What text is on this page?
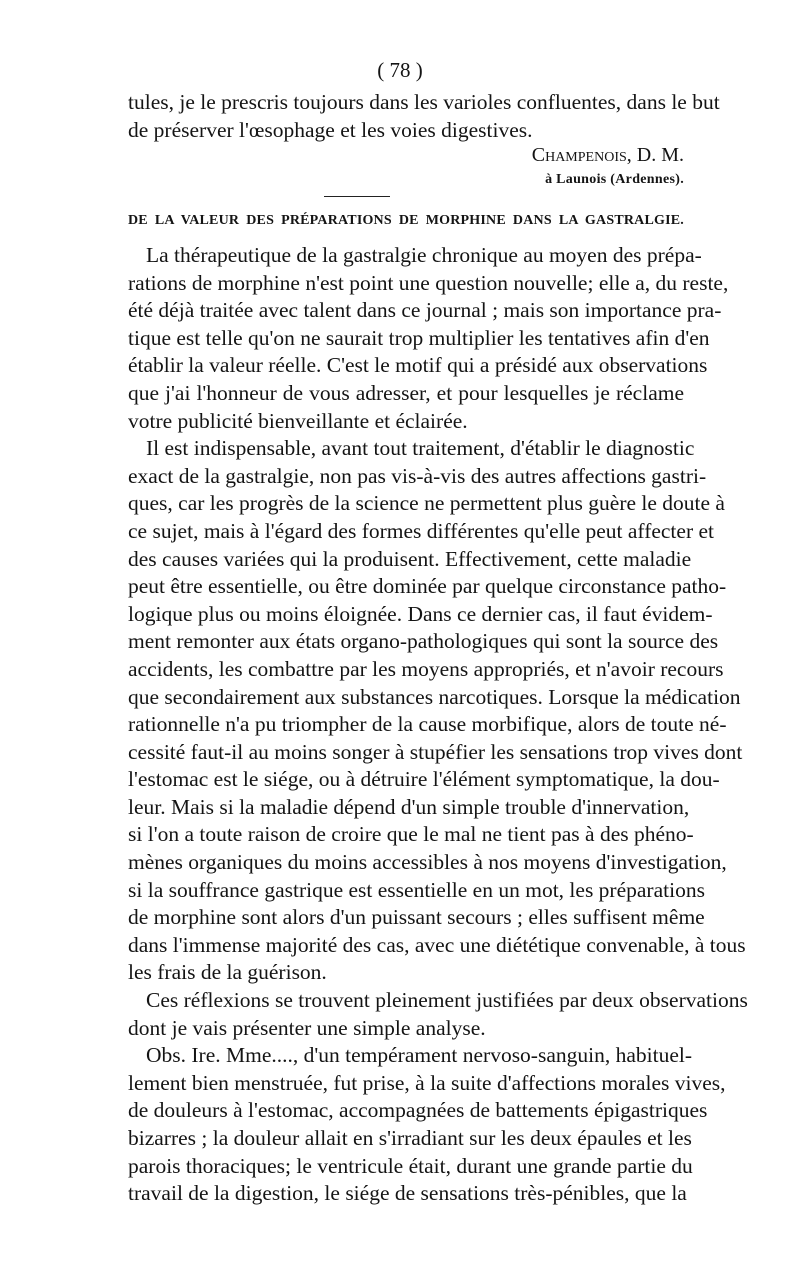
( 78 )
tules, je le prescris toujours dans les varioles confluentes, dans le but
de préserver l'œsophage et les voies digestives.
Champenois, D. M.
à Launois (Ardennes).
DE LA VALEUR DES PRÉPARATIONS DE MORPHINE DANS LA GASTRALGIE.
La thérapeutique de la gastralgie chronique au moyen des prépa-
rations de morphine n'est point une question nouvelle; elle a, du reste,
été déjà traitée avec talent dans ce journal ; mais son importance pra-
tique est telle qu'on ne saurait trop multiplier les tentatives afin d'en
établir la valeur réelle. C'est le motif qui a présidé aux observations
que j'ai l'honneur de vous adresser, et pour lesquelles je réclame
votre publicité bienveillante et éclairée.
Il est indispensable, avant tout traitement, d'établir le diagnostic
exact de la gastralgie, non pas vis-à-vis des autres affections gastri-
ques, car les progrès de la science ne permettent plus guère le doute à
ce sujet, mais à l'égard des formes différentes qu'elle peut affecter et
des causes variées qui la produisent. Effectivement, cette maladie
peut être essentielle, ou être dominée par quelque circonstance patho-
logique plus ou moins éloignée. Dans ce dernier cas, il faut évidem-
ment remonter aux états organo-pathologiques qui sont la source des
accidents, les combattre par les moyens appropriés, et n'avoir recours
que secondairement aux substances narcotiques. Lorsque la médication
rationnelle n'a pu triompher de la cause morbifique, alors de toute né-
cessité faut-il au moins songer à stupéfier les sensations trop vives dont
l'estomac est le siége, ou à détruire l'élément symptomatique, la dou-
leur. Mais si la maladie dépend d'un simple trouble d'innervation,
si l'on a toute raison de croire que le mal ne tient pas à des phéno-
mènes organiques du moins accessibles à nos moyens d'investigation,
si la souffrance gastrique est essentielle en un mot, les préparations
de morphine sont alors d'un puissant secours ; elles suffisent même
dans l'immense majorité des cas, avec une diététique convenable, à tous
les frais de la guérison.
Ces réflexions se trouvent pleinement justifiées par deux observations
dont je vais présenter une simple analyse.
Obs. Ire. Mme...., d'un tempérament nervoso-sanguin, habituel-
lement bien menstruée, fut prise, à la suite d'affections morales vives,
de douleurs à l'estomac, accompagnées de battements épigastriques
bizarres ; la douleur allait en s'irradiant sur les deux épaules et les
parois thoraciques; le ventricule était, durant une grande partie du
travail de la digestion, le siége de sensations très-pénibles, que la
